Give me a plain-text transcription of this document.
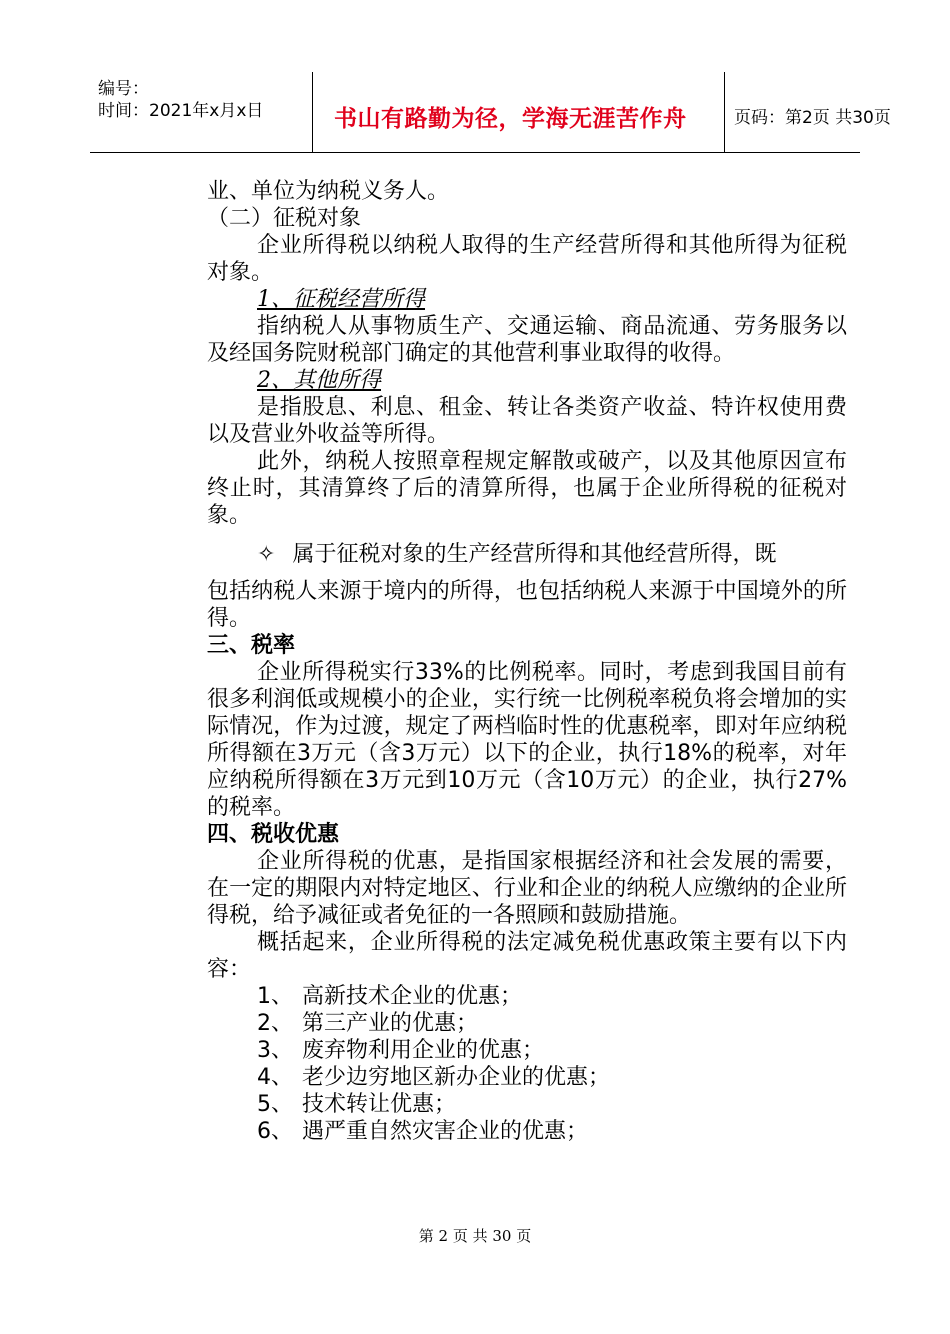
编号：
时间：2021年x月x日	书山有路勤为径，学海无涯苦作舟	页码：第2页 共30页

业、单位为纳税义务人。

（二）征税对象

企业所得税以纳税人取得的生产经营所得和其他所得为征税对象。

1、征税经营所得

指纳税人从事物质生产、交通运输、商品流通、劳务服务以及经国务院财税部门确定的其他营利事业取得的收得。

2、其他所得

是指股息、利息、租金、转让各类资产收益、特许权使用费以及营业外收益等所得。

此外，纳税人按照章程规定解散或破产，以及其他原因宣布终止时，其清算终了后的清算所得，也属于企业所得税的征税对象。

✧ 属于征税对象的生产经营所得和其他经营所得，既

包括纳税人来源于境内的所得，也包括纳税人来源于中国境外的所得。

三、税率

企业所得税实行33%的比例税率。同时，考虑到我国目前有很多利润低或规模小的企业，实行统一比例税率税负将会增加的实际情况，作为过渡，规定了两档临时性的优惠税率，即对年应纳税所得额在3万元（含3万元）以下的企业，执行18%的税率，对年应纳税所得额在3万元到10万元（含10万元）的企业，执行27%的税率。

四、税收优惠

企业所得税的优惠，是指国家根据经济和社会发展的需要，在一定的期限内对特定地区、行业和企业的纳税人应缴纳的企业所得税，给予减征或者免征的一各照顾和鼓励措施。

概括起来，企业所得税的法定减免税优惠政策主要有以下内容：

1、 高新技术企业的优惠；

2、 第三产业的优惠；

3、 废弃物利用企业的优惠；

4、 老少边穷地区新办企业的优惠；

5、 技术转让优惠；

6、 遇严重自然灾害企业的优惠；

第 2 页 共 30 页
